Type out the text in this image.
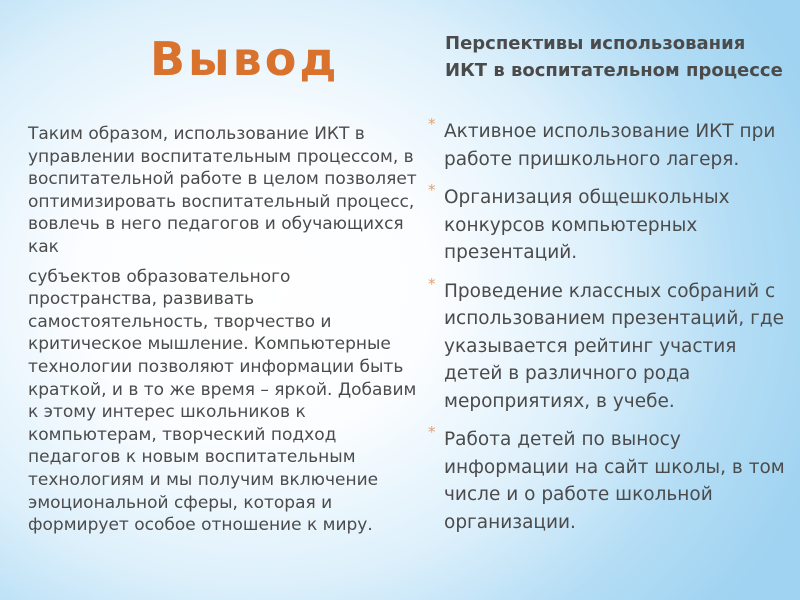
Вывод

Таким образом, использование ИКТ в управлении воспитательным процессом, в воспитательной работе в целом позволяет оптимизировать воспитательный процесс, вовлечь в него педагогов и обучающихся как

субъектов образовательного пространства, развивать самостоятельность, творчество и критическое мышление. Компьютерные технологии позволяют информации быть краткой, и в то же время – яркой. Добавим к этому интерес школьников к компьютерам, творческий подход педагогов к новым воспитательным технологиям и мы получим включение эмоциональной сферы, которая и формирует особое отношение к миру.

Перспективы использования ИКТ в воспитательном процессе
* Активное использование ИКТ при работе пришкольного лагеря.
* Организация общешкольных конкурсов компьютерных презентаций.
* Проведение классных собраний с использованием презентаций, где указывается рейтинг участия детей в различного рода мероприятиях, в учебе.
* Работа детей по выносу информации на сайт школы, в том числе и о работе школьной организации.
